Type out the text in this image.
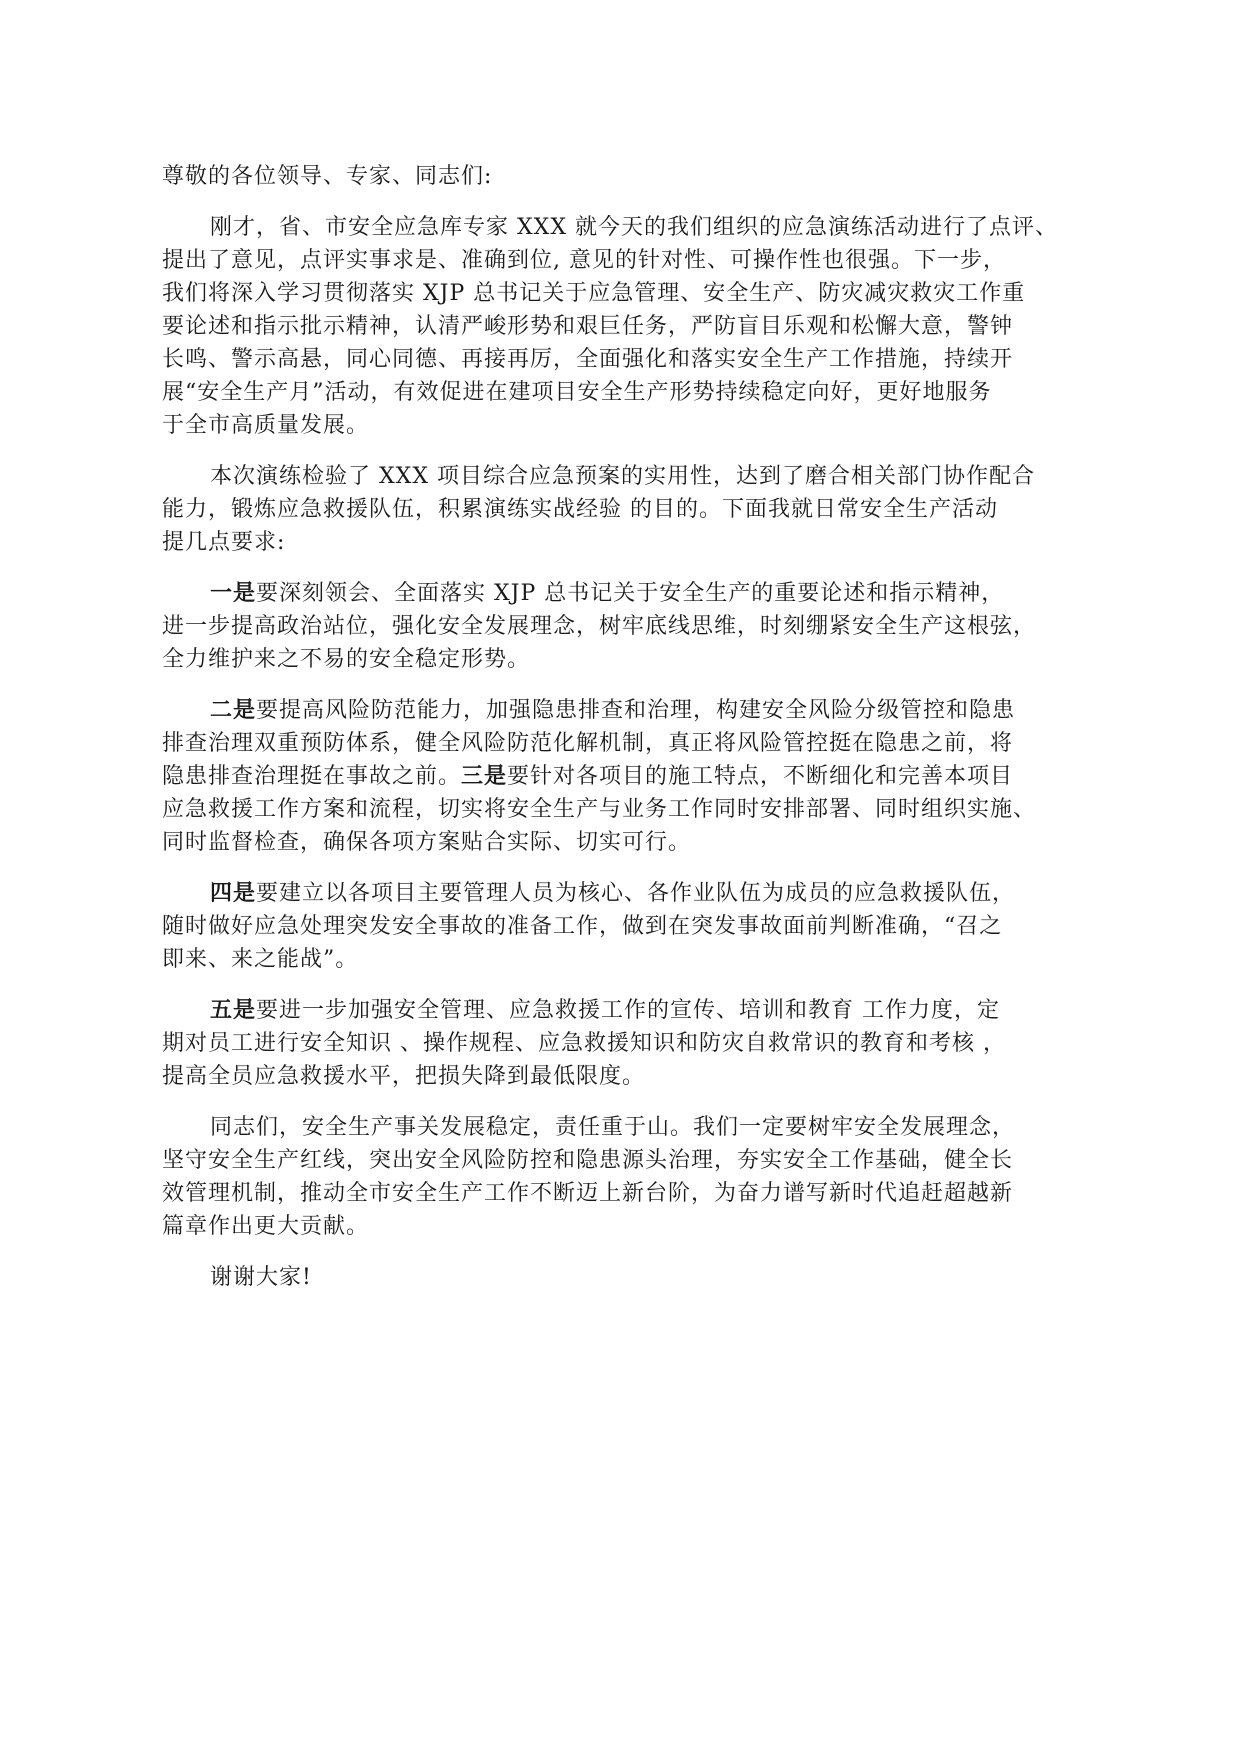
尊敬的各位领导、专家、同志们:

刚才，省、市安全应急库专家 XXX 就今天的我们组织的应急演练活动进行了点评、
提出了意见，点评实事求是、准确到位, 意见的针对性、可操作性也很强。下一步，
我们将深入学习贯彻落实 XJP 总书记关于应急管理、安全生产、防灾减灾救灾工作重
要论述和指示批示精神，认清严峻形势和艰巨任务，严防盲目乐观和松懈大意，警钟
长鸣、警示高悬，同心同德、再接再厉，全面强化和落实安全生产工作措施，持续开
展“安全生产月”活动，有效促进在建项目安全生产形势持续稳定向好，更好地服务
于全市高质量发展。

本次演练检验了 XXX 项目综合应急预案的实用性，达到了磨合相关部门协作配合
能力，锻炼应急救援队伍，积累演练实战经验 的目的。下面我就日常安全生产活动
提几点要求:

一是要深刻领会、全面落实 XJP 总书记关于安全生产的重要论述和指示精神，
进一步提高政治站位，强化安全发展理念，树牢底线思维，时刻绷紧安全生产这根弦，
全力维护来之不易的安全稳定形势。

二是要提高风险防范能力，加强隐患排查和治理，构建安全风险分级管控和隐患
排查治理双重预防体系，健全风险防范化解机制，真正将风险管控挺在隐患之前，将
隐患排查治理挺在事故之前。三是要针对各项目的施工特点，不断细化和完善本项目
应急救援工作方案和流程，切实将安全生产与业务工作同时安排部署、同时组织实施、
同时监督检查，确保各项方案贴合实际、切实可行。

四是要建立以各项目主要管理人员为核心、各作业队伍为成员的应急救援队伍，
随时做好应急处理突发安全事故的准备工作，做到在突发事故面前判断准确，“召之
即来、来之能战”。

五是要进一步加强安全管理、应急救援工作的宣传、培训和教育 工作力度，定
期对员工进行安全知识 、操作规程、应急救援知识和防灾自救常识的教育和考核 ，
提高全员应急救援水平，把损失降到最低限度。

同志们，安全生产事关发展稳定，责任重于山。我们一定要树牢安全发展理念，
坚守安全生产红线，突出安全风险防控和隐患源头治理，夯实安全工作基础，健全长
效管理机制，推动全市安全生产工作不断迈上新台阶，为奋力谱写新时代追赶超越新
篇章作出更大贡献。

谢谢大家!
